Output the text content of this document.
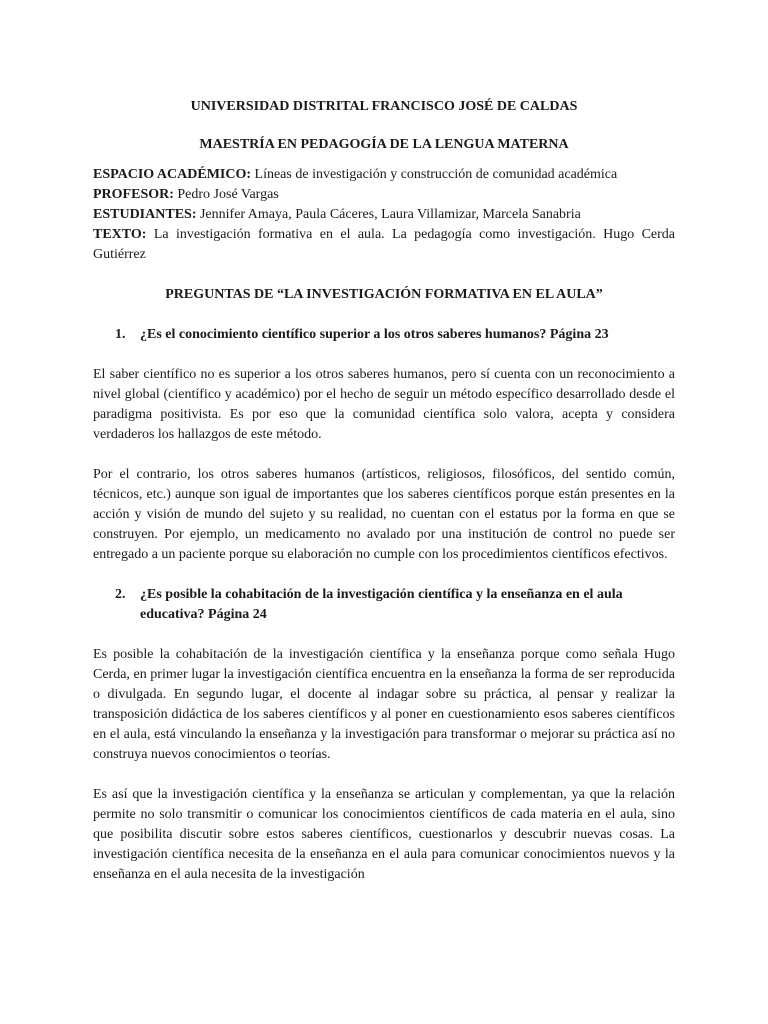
UNIVERSIDAD DISTRITAL FRANCISCO JOSÉ DE CALDAS

MAESTRÍA EN PEDAGOGÍA DE LA LENGUA MATERNA

ESPACIO ACADÉMICO: Líneas de investigación y construcción de comunidad académica

PROFESOR: Pedro José Vargas

ESTUDIANTES: Jennifer Amaya, Paula Cáceres, Laura Villamizar, Marcela Sanabria

TEXTO: La investigación formativa en el aula. La pedagogía como investigación. Hugo Cerda Gutiérrez

PREGUNTAS DE “LA INVESTIGACIÓN FORMATIVA EN EL AULA”

1.	¿Es el conocimiento científico superior a los otros saberes humanos? Página 23

El saber científico no es superior a los otros saberes humanos, pero sí cuenta con un reconocimiento a nivel global (científico y académico) por el hecho de seguir un método específico desarrollado desde el paradigma positivista. Es por eso que la comunidad científica solo valora, acepta y considera verdaderos los hallazgos de este método.

Por el contrario, los otros saberes humanos (artísticos, religiosos, filosóficos, del sentido común, técnicos, etc.) aunque son igual de importantes que los saberes científicos porque están presentes en la acción y visión de mundo del sujeto y su realidad, no cuentan con el estatus por la forma en que se construyen. Por ejemplo, un medicamento no avalado por una institución de control no puede ser entregado a un paciente porque su elaboración no cumple con los procedimientos científicos efectivos.

2.	¿Es posible la cohabitación de la investigación científica y la enseñanza en el aula educativa? Página 24

Es posible la cohabitación de la investigación científica y la enseñanza porque como señala Hugo Cerda, en primer lugar la investigación científica encuentra en la enseñanza la forma de ser reproducida o divulgada. En segundo lugar, el docente al indagar sobre su práctica, al pensar y realizar la transposición didáctica de los saberes científicos y al poner en cuestionamiento esos saberes científicos en el aula, está vinculando la enseñanza y la investigación para transformar o mejorar su práctica así no construya nuevos conocimientos o teorías.

Es así que la investigación científica y la enseñanza se articulan y complementan, ya que la relación permite no solo transmitir o comunicar los conocimientos científicos de cada materia en el aula, sino que posibilita discutir sobre estos saberes científicos, cuestionarlos y descubrir nuevas cosas. La investigación científica necesita de la enseñanza en el aula para comunicar conocimientos nuevos y la enseñanza en el aula necesita de la investigación
